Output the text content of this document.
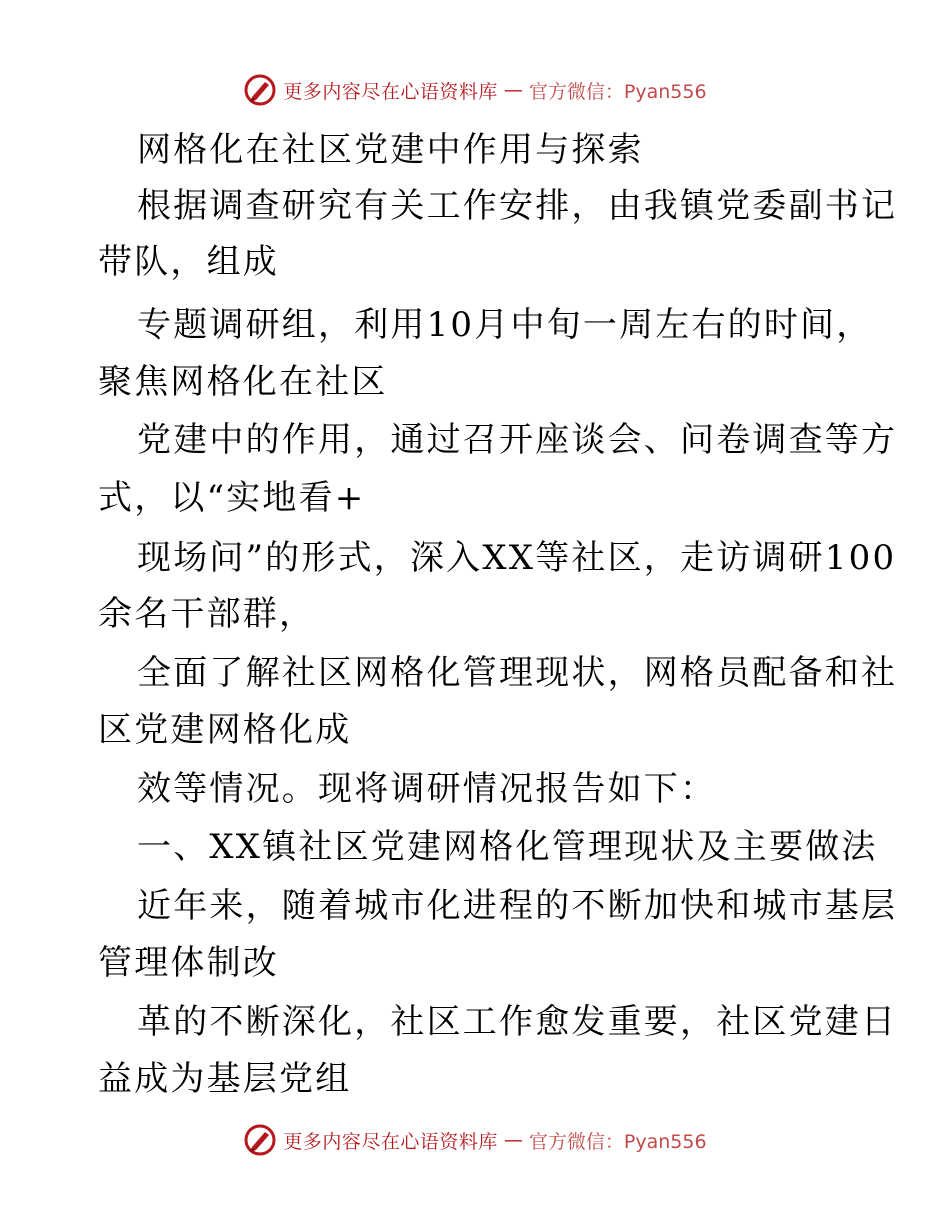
更多内容尽在心语资料库 — 官方微信：Pyan556
网格化在社区党建中作用与探索
根据调查研究有关工作安排，由我镇党委副书记
带队，组成
专题调研组，利用10月中旬一周左右的时间，
聚焦网格化在社区
党建中的作用，通过召开座谈会、问卷调查等方
式，以“实地看+
现场问”的形式，深入XX等社区，走访调研100
余名干部群，
全面了解社区网格化管理现状，网格员配备和社
区党建网格化成
效等情况。现将调研情况报告如下：
一、XX镇社区党建网格化管理现状及主要做法
近年来，随着城市化进程的不断加快和城市基层
管理体制改
革的不断深化，社区工作愈发重要，社区党建日
益成为基层党组
更多内容尽在心语资料库 — 官方微信：Pyan556
